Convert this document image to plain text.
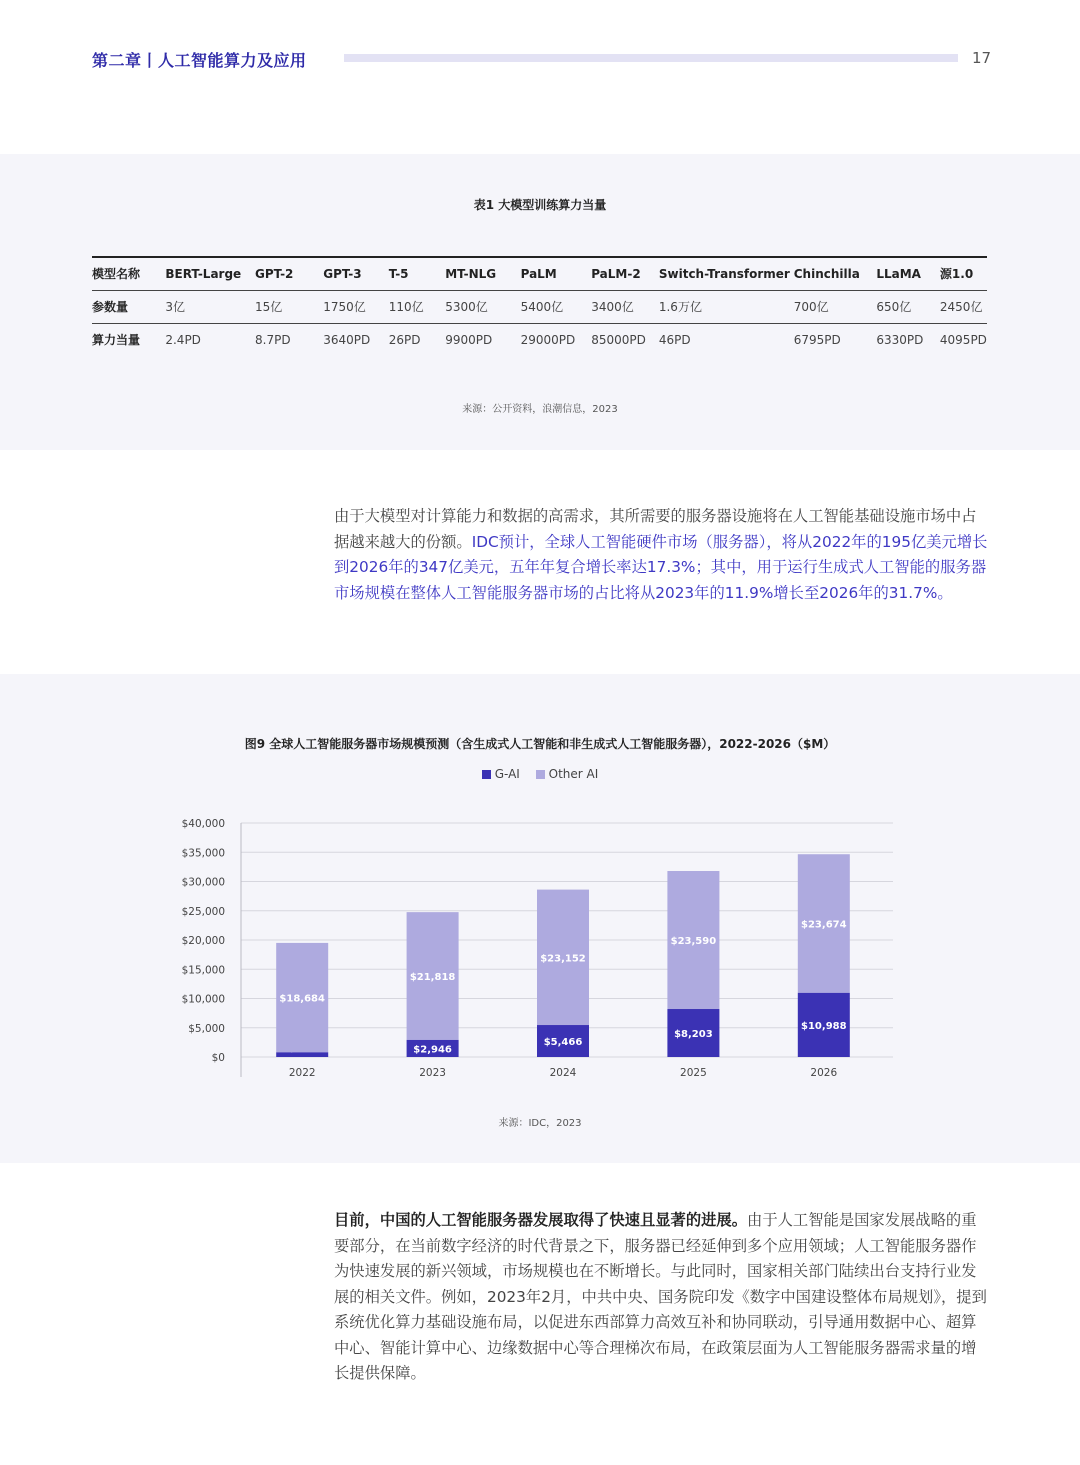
第二章丨人工智能算力及应用	17
表1 大模型训练算力当量
模型名称	BERT-Large	GPT-2	GPT-3	T-5	MT-NLG	PaLM	PaLM-2	Switch-Transformer	Chinchilla	LLaMA	源1.0
参数量	3亿	15亿	1750亿	110亿	5300亿	5400亿	3400亿	1.6万亿	700亿	650亿	2450亿
算力当量	2.4PD	8.7PD	3640PD	26PD	9900PD	29000PD	85000PD	46PD	6795PD	6330PD	4095PD
来源：公开资料，浪潮信息，2023
由于大模型对计算能力和数据的高需求，其所需要的服务器设施将在人工智能基础设施市场中占据越来越大的份额。IDC预计，全球人工智能硬件市场（服务器），将从2022年的195亿美元增长到2026年的347亿美元，五年年复合增长率达17.3%；其中，用于运行生成式人工智能的服务器市场规模在整体人工智能服务器市场的占比将从2023年的11.9%增长至2026年的31.7%。
图9 全球人工智能服务器市场规模预测（含生成式人工智能和非生成式人工智能服务器），2022-2026（$M）
G-AI Other AI
$0
$5,000
$10,000
$15,000
$20,000
$25,000
$30,000
$35,000
$40,000
$18,684
2022
$2,946
$21,818
2023
$5,466
$23,152
2024
$8,203
$23,590
2025
$10,988
$23,674
2026
来源：IDC，2023
目前，中国的人工智能服务器发展取得了快速且显著的进展。由于人工智能是国家发展战略的重要部分，在当前数字经济的时代背景之下，服务器已经延伸到多个应用领域；人工智能服务器作为快速发展的新兴领域，市场规模也在不断增长。与此同时，国家相关部门陆续出台支持行业发展的相关文件。例如，2023年2月，中共中央、国务院印发《数字中国建设整体布局规划》，提到系统优化算力基础设施布局，以促进东西部算力高效互补和协同联动，引导通用数据中心、超算中心、智能计算中心、边缘数据中心等合理梯次布局，在政策层面为人工智能服务器需求量的增长提供保障。
